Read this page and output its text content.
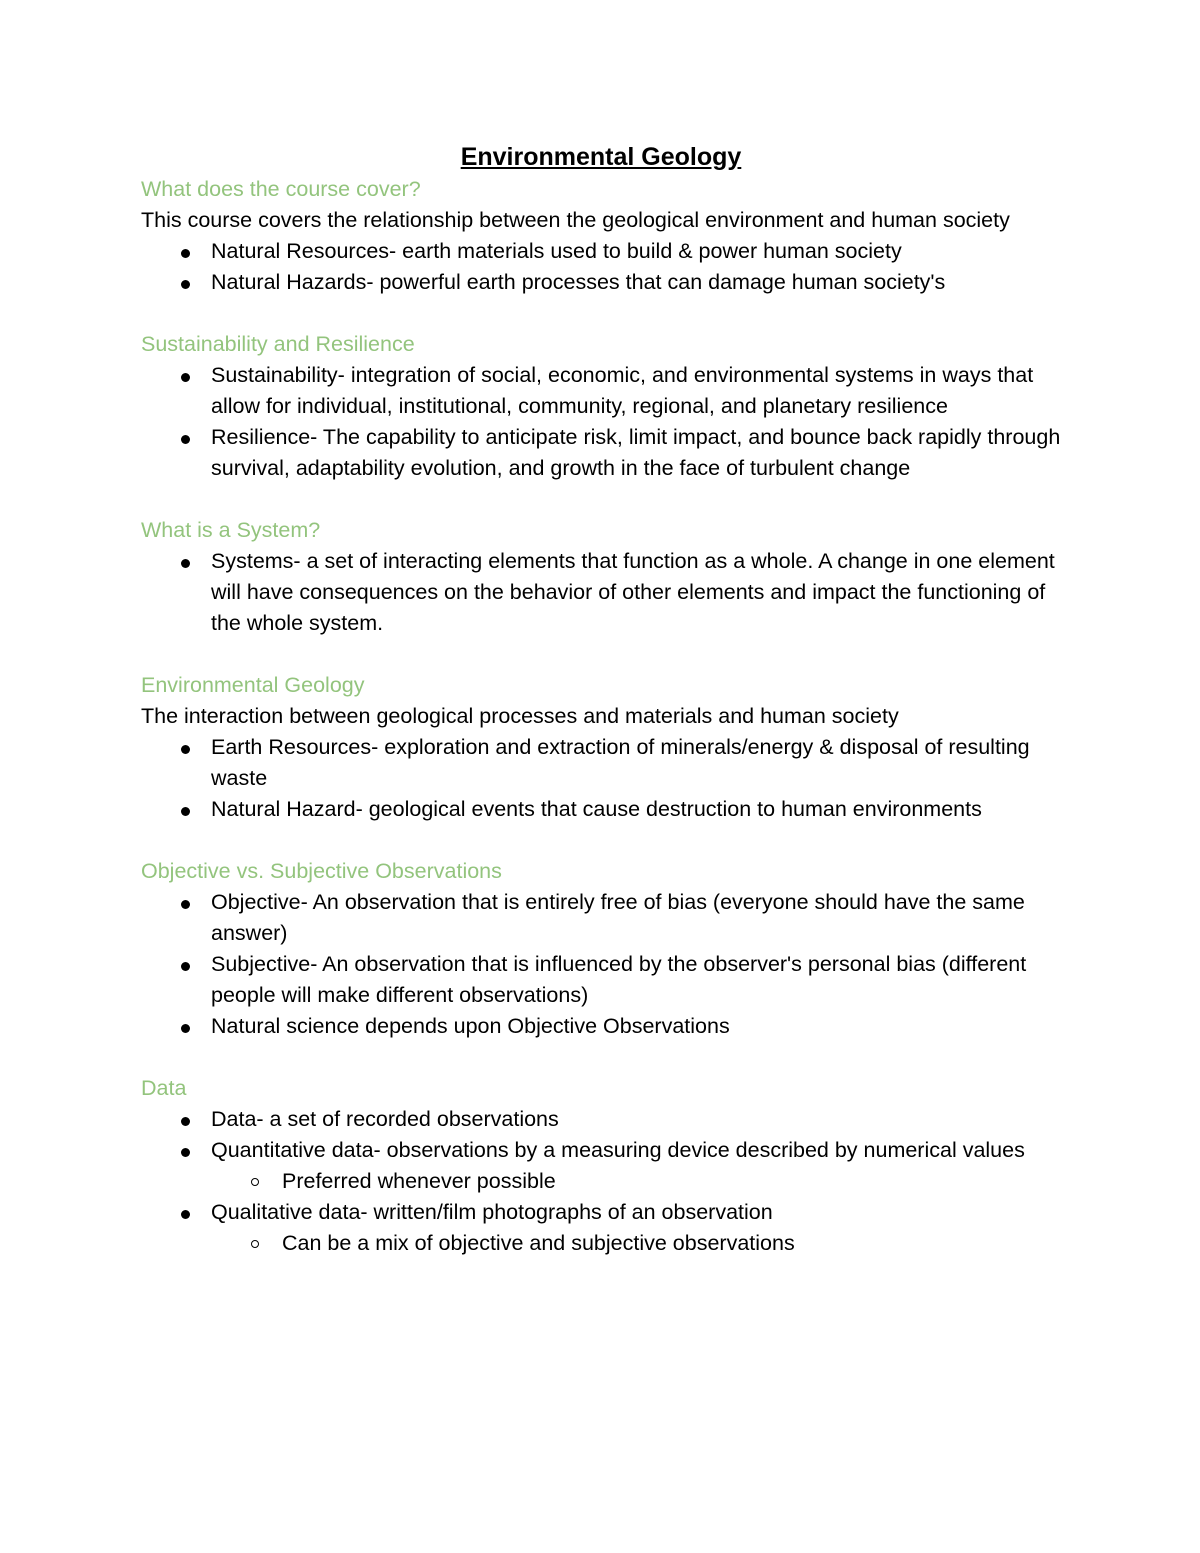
Environmental Geology
What does the course cover?

This course covers the relationship between the geological environment and human society

Natural Resources- earth materials used to build & power human society
Natural Hazards- powerful earth processes that can damage human society's
Sustainability and Resilience
Sustainability- integration of social, economic, and environmental systems in ways that allow for individual, institutional, community, regional, and planetary resilience
Resilience- The capability to anticipate risk, limit impact, and bounce back rapidly through survival, adaptability evolution, and growth in the face of turbulent change
What is a System?
Systems- a set of interacting elements that function as a whole. A change in one element will have consequences on the behavior of other elements and impact the functioning of the whole system.
Environmental Geology

The interaction between geological processes and materials and human society

Earth Resources- exploration and extraction of minerals/energy & disposal of resulting waste
Natural Hazard- geological events that cause destruction to human environments
Objective vs. Subjective Observations
Objective- An observation that is entirely free of bias (everyone should have the same answer)
Subjective- An observation that is influenced by the observer's personal bias (different people will make different observations)
Natural science depends upon Objective Observations
Data
Data- a set of recorded observations
Quantitative data- observations by a measuring device described by numerical values
Preferred whenever possible
Qualitative data- written/film photographs of an observation
Can be a mix of objective and subjective observations
